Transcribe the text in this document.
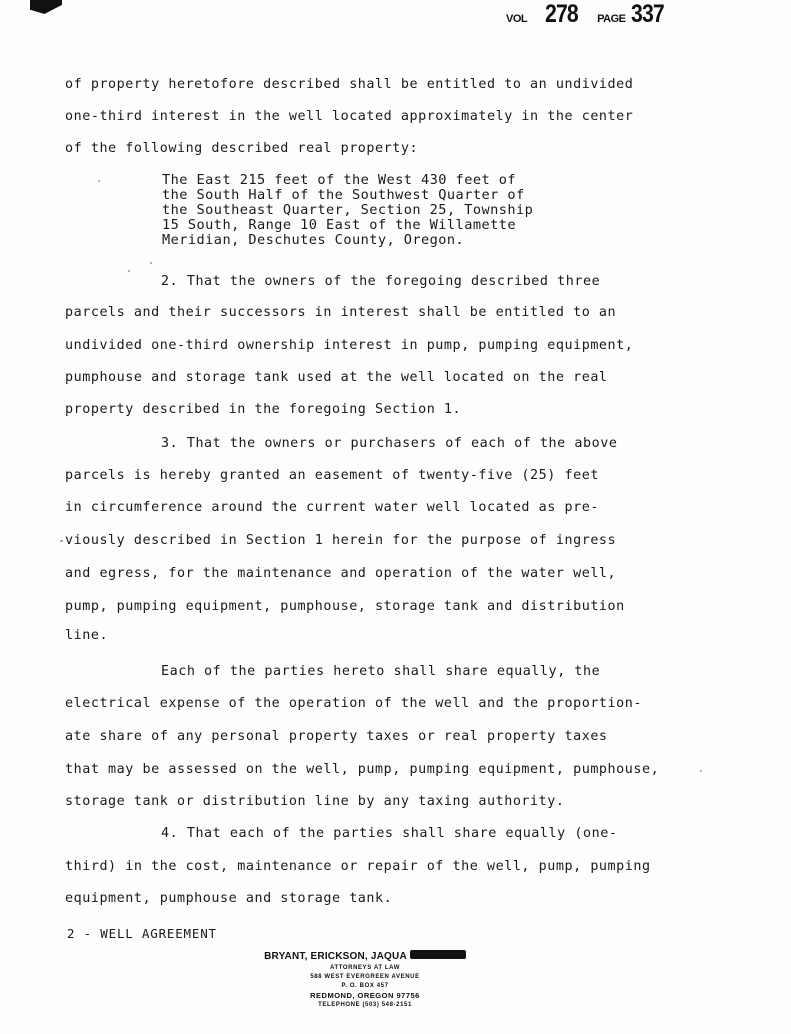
VOL 278 PAGE 337
of property heretofore described shall be entitled to an undivided
one-third interest in the well located approximately in the center
of the following described real property:
The East 215 feet of the West 430 feet of
the South Half of the Southwest Quarter of
the Southeast Quarter, Section 25, Township
15 South, Range 10 East of the Willamette
Meridian, Deschutes County, Oregon.
2. That the owners of the foregoing described three
parcels and their successors in interest shall be entitled to an
undivided one-third ownership interest in pump, pumping equipment,
pumphouse and storage tank used at the well located on the real
property described in the foregoing Section 1.
3. That the owners or purchasers of each of the above
parcels is hereby granted an easement of twenty-five (25) feet
in circumference around the current water well located as pre-
viously described in Section 1 herein for the purpose of ingress
and egress, for the maintenance and operation of the water well,
pump, pumping equipment, pumphouse, storage tank and distribution
line.
Each of the parties hereto shall share equally, the
electrical expense of the operation of the well and the proportion-
ate share of any personal property taxes or real property taxes
that may be assessed on the well, pump, pumping equipment, pumphouse,
storage tank or distribution line by any taxing authority.
4. That each of the parties shall share equally (one-
third) in the cost, maintenance or repair of the well, pump, pumping
equipment, pumphouse and storage tank.
2 - WELL AGREEMENT
BRYANT, ERICKSON, JAQUA
ATTORNEYS AT LAW
588 WEST EVERGREEN AVENUE
P. O. BOX 457
REDMOND, OREGON 97756
TELEPHONE (503) 548-2151
